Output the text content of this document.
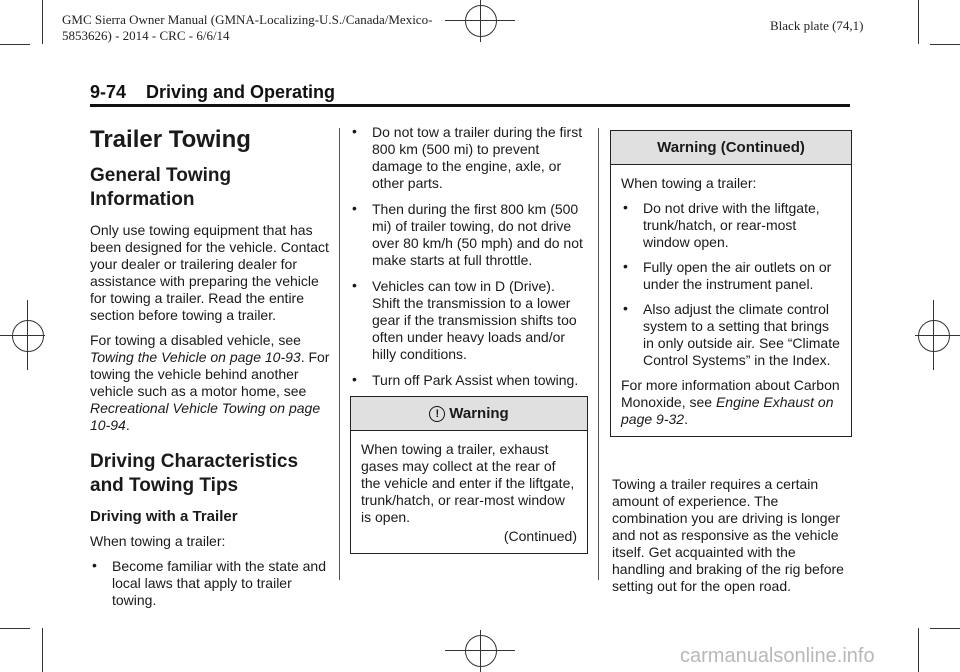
GMC Sierra Owner Manual (GMNA-Localizing-U.S./Canada/Mexico-
5853626) - 2014 - CRC - 6/6/14
Black plate (74,1)
9-74    Driving and Operating
Trailer Towing
General Towing Information

Only use towing equipment that has been designed for the vehicle. Contact your dealer or trailering dealer for assistance with preparing the vehicle for towing a trailer. Read the entire section before towing a trailer.

For towing a disabled vehicle, see Towing the Vehicle on page 10-93. For towing the vehicle behind another vehicle such as a motor home, see Recreational Vehicle Towing on page 10-94.

Driving Characteristics and Towing Tips
Driving with a Trailer

When towing a trailer:

• Become familiar with the state and local laws that apply to trailer towing.
• Do not tow a trailer during the first 800 km (500 mi) to prevent damage to the engine, axle, or other parts.
• Then during the first 800 km (500 mi) of trailer towing, do not drive over 80 km/h (50 mph) and do not make starts at full throttle.
• Vehicles can tow in D (Drive). Shift the transmission to a lower gear if the transmission shifts too often under heavy loads and/or hilly conditions.
• Turn off Park Assist when towing.
! Warning
When towing a trailer, exhaust gases may collect at the rear of the vehicle and enter if the liftgate, trunk/hatch, or rear-most window is open.
(Continued)
Warning (Continued)

When towing a trailer:

• Do not drive with the liftgate, trunk/hatch, or rear-most window open.
• Fully open the air outlets on or under the instrument panel.
• Also adjust the climate control system to a setting that brings in only outside air. See “Climate Control Systems” in the Index.

For more information about Carbon Monoxide, see Engine Exhaust on page 9-32.

Towing a trailer requires a certain amount of experience. The combination you are driving is longer and not as responsive as the vehicle itself. Get acquainted with the handling and braking of the rig before setting out for the open road.

carmanualsonline.info
